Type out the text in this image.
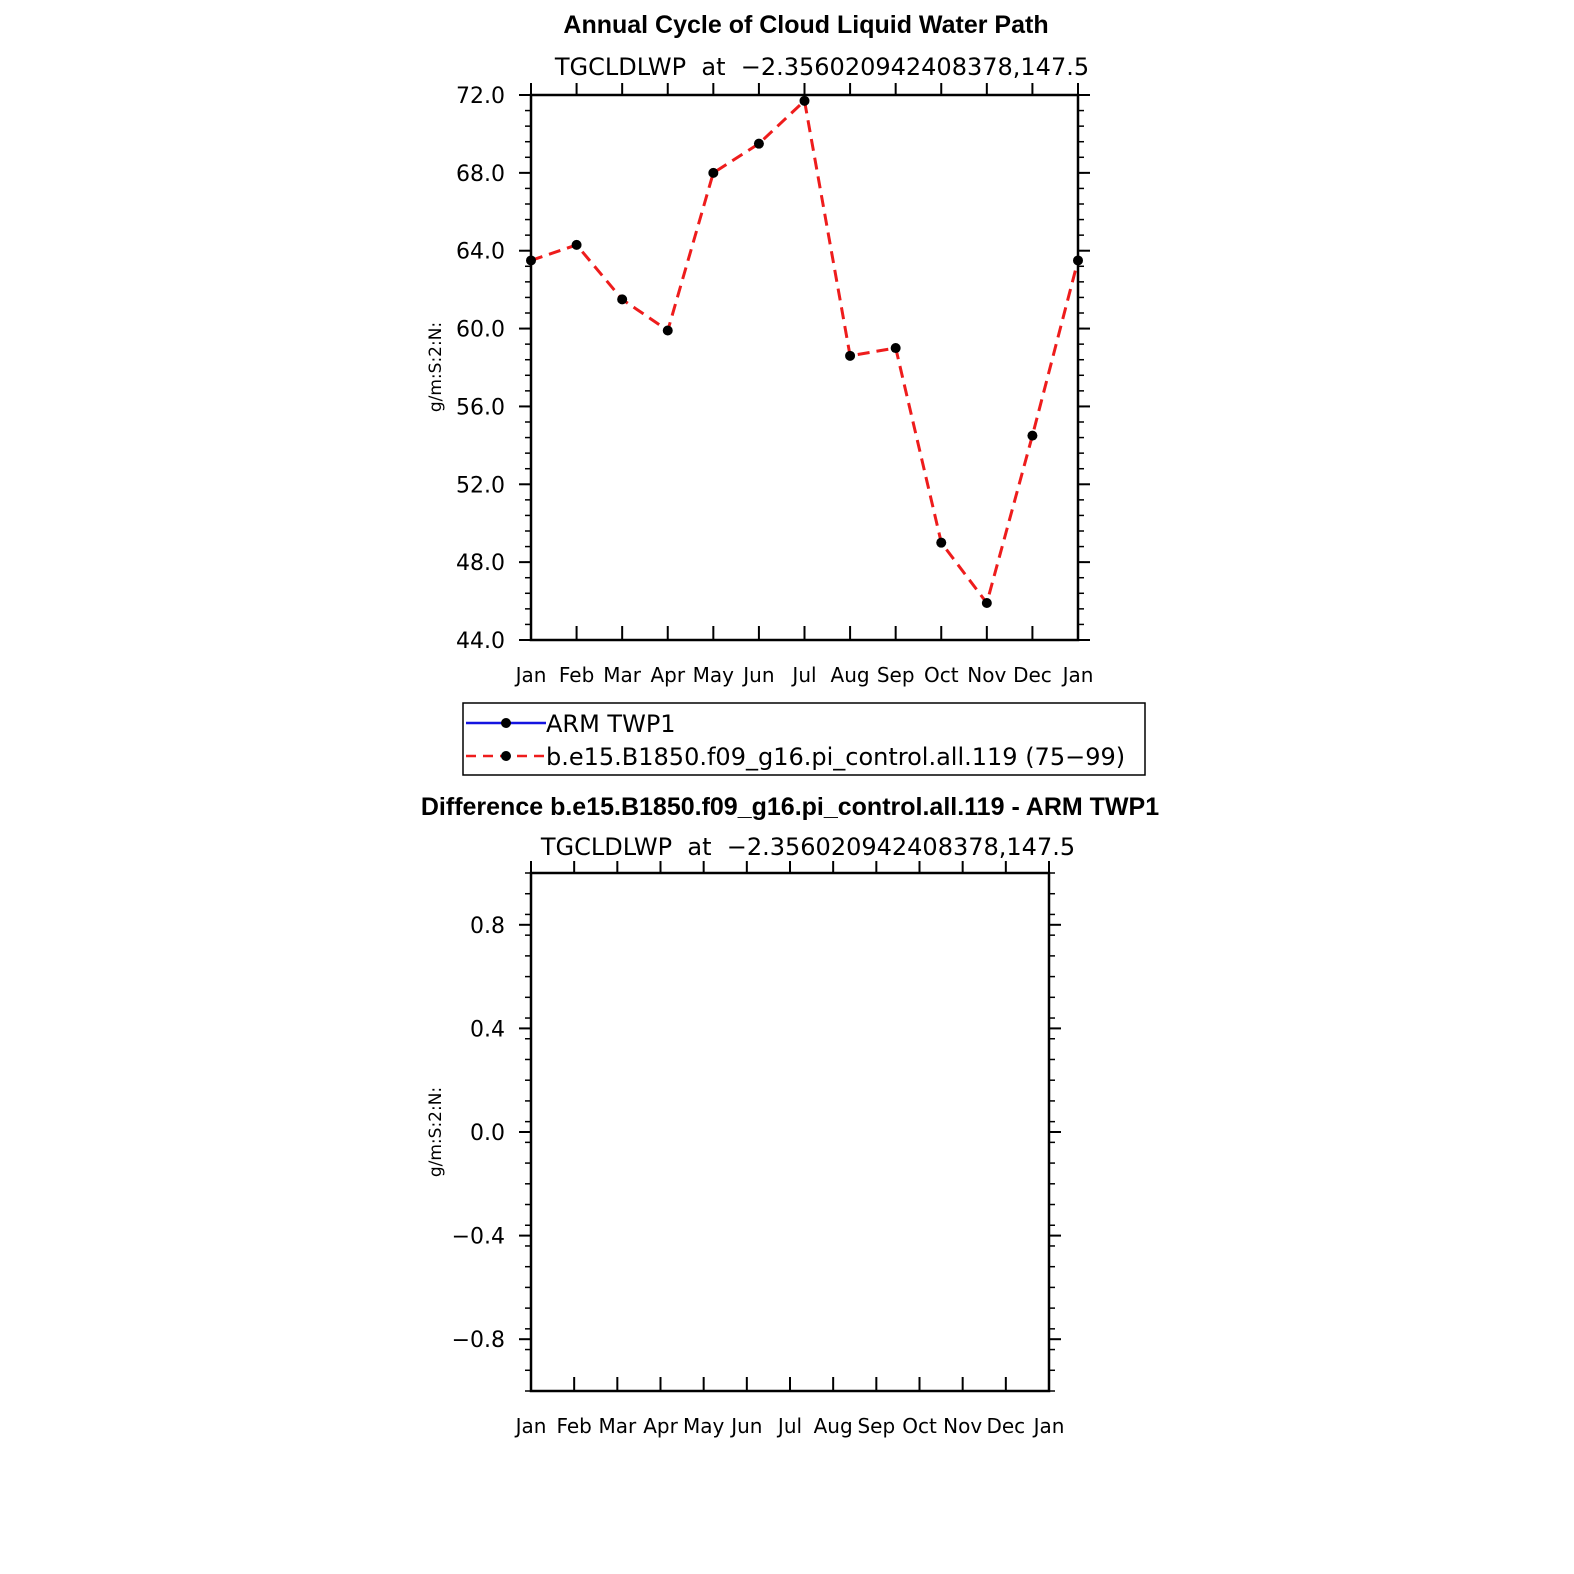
Annual Cycle of Cloud Liquid Water Path
TGCLDLWP  at  −2.356020942408378,147.5
g/m:S:2:N:
Jan Feb Mar Apr May Jun Jul Aug Sep Oct Nov Dec Jan
44.0
48.0
52.0
56.0
60.0
64.0
68.0
72.0
ARM TWP1
b.e15.B1850.f09_g16.pi_control.all.119 (75−99)
Difference b.e15.B1850.f09_g16.pi_control.all.119 - ARM TWP1
TGCLDLWP  at  −2.356020942408378,147.5
g/m:S:2:N:
Jan Feb Mar Apr May Jun Jul Aug Sep Oct Nov Dec Jan
−0.8
−0.4
0.0
0.4
0.8
